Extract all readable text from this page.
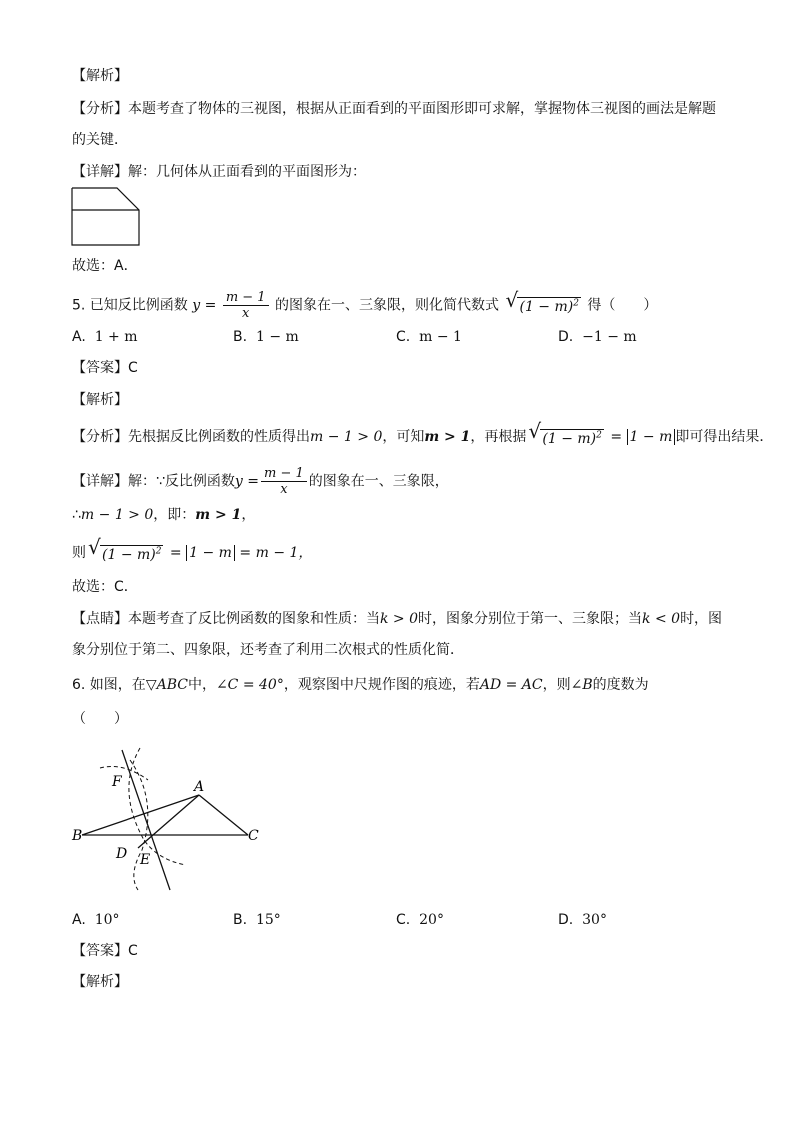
【解析】
【分析】本题考查了物体的三视图，根据从正面看到的平面图形即可求解，掌握物体三视图的画法是解题
的关键．
【详解】解：几何体从正面看到的平面图形为：
故选：A．
5. 已知反比例函数 $y = \frac{m - 1}{x}$ 的图象在一、三象限，则化简代数式 √ $(1 - m)^2$ 得（　　）
A. 1 + m	B. 1 − m	C. m − 1	D. −1 − m
【答案】C
【解析】
【分析】先根据反比例函数的性质得出m − 1 > 0，可知m > 1，再根据 √ $(1 - m)^2 = 1 - m$ 即可得出结果．
【详解】解：∵反比例函数$y = \frac{m - 1}{x}$ 的图象在一、三象限，
∴m − 1 > 0，即：m > 1，
则 √ $(1 - m)^2 = 1 - m = m - 1$，
故选：C．
【点睛】本题考查了反比例函数的图象和性质：当k > 0时，图象分别位于第一、三象限；当k < 0时，图
象分别位于第二、四象限，还考查了利用二次根式的性质化简．
6. 如图，在▽ABC中，∠C = 40°，观察图中尺规作图的痕迹，若AD = AC，则∠B的度数为
（　　）
F	A
B	C
D E
A. 10°	B. 15°	C. 20°	D. 30°
【答案】C
【解析】
